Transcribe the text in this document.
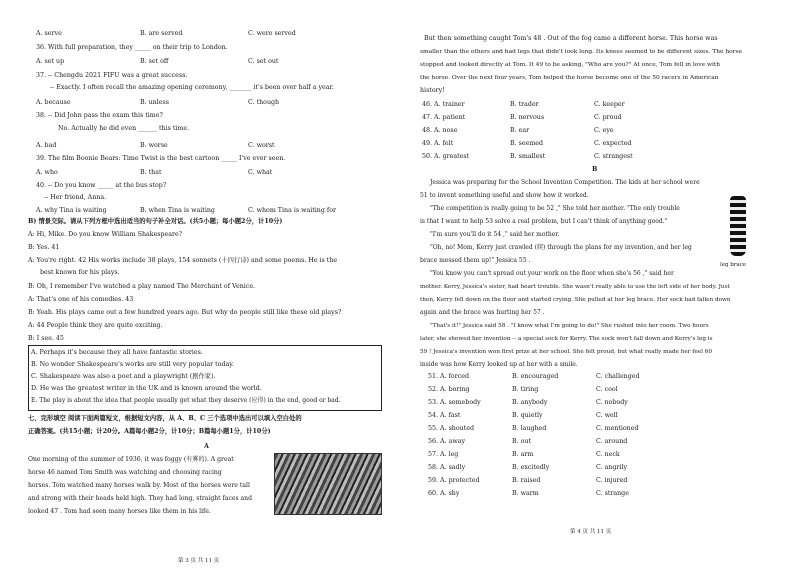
A. serve	B. are served	C. were served
36. With full preparation, they _____ on their trip to London.
A. set up	B. set off	C. set out
37. -- Chengdu 2021 FIFU was a great success.
-- Exactly. I often recall the amazing opening ceremony, _______ it's been over half a year.
A. because	B. unless	C. though
38. -- Did John pass the exam this time?
No. Actually he did even ______ this time.
A. bad	B. worse	C. worst
39. The film Boonie Bears: Time Twist is the best cartoon _____ I've ever seen.
A. who	B. that	C. what
40. -- Do you know _____ at the bus stop?
-- Her friend, Anna.
A. why Tina is waiting	B. when Tina is waiting	C. whom Tina is waiting for
B) 情景交际。请从下列方框中选出适当的句子补全对话。(共5小题；每小题2分，计10分)
A: Hi, Mike. Do you know William Shakespeare?
B: Yes. 41
A: You're right. 42 His works include 38 plays, 154 sonnets (十四行诗) and some poems. He is the
best known for his plays.
B: Oh, I remember I've watched a play named The Merchant of Venice.
A: That's one of his comedies. 43
B: Yeah. His plays came out a few hundred years ago. But why do people still like these old plays?
A: 44 People think they are quite exciting.
B: I see. 45
A. Perhaps it's because they all have fantastic stories.
B. No wonder Shakespeare's works are still very popular today.
C. Shakespeare was also a poet and a playwright (剧作家).
D. He was the greatest writer in the UK and is known around the world.
E. The play is about the idea that people usually get what they deserve (应得) in the end, good or bad.
七、完形填空 阅读下面两篇短文，根据短文内容，从 A、B、C 三个选项中选出可以填入空白处的
正确答案。(共15小题；计20分。A篇每小题2分，计10分；B篇每小题1分，计10分)
A
One morning of the summer of 1936, it was foggy (有雾的). A great
horse 46 named Tom Smith was watching and choosing racing
horses. Tom watched many horses walk by. Most of the horses were tall
and strong with their heads held high. They had long, straight faces and
looked 47 . Tom had seen many horses like them in his life.
第 3 页 共 11 页
But then something caught Tom's 48 . Out of the fog came a different horse. This horse was
smaller than the others and had legs that didn't look long. Its knees seemed to be different sizes. The horse
stopped and looked directly at Tom. It 49 to be asking, "Who are you?" At once, Tom fell in love with
the horse. Over the next four years, Tom helped the horse become one of the 50 racers in American
history!
46. A. trainer	B. trader	C. keeper
47. A. patient	B. nervous	C. proud
48. A. nose	B. ear	C. eye
49. A. felt	B. seemed	C. expected
50. A. greatest	B. smallest	C. strangest
B
Jessica was preparing for the School Invention Competition. The kids at her school were
51 to invent something useful and show how it worked.
"The competition is really going to be 52 ," She told her mother. "The only trouble
is that I want to help 53 solve a real problem, but I can't think of anything good."
"I'm sure you'll do it 54 ," said her mother.
"Oh, no! Mom, Kerry just crawled (爬) through the plans for my invention, and her leg
brace messed them up!" Jessica 55 .
"You know you can't spread out your work on the floor when she's 56 ," said her
mother. Kerry, Jessica's sister, had heart trouble. She wasn't really able to use the left side of her body. Just
then, Kerry fell down on the floor and started crying. She pulled at her leg brace. Her sock had fallen down
again and the brace was hurting her 57 .
"That's it!" Jessica said 58 . "I know what I'm going to do!" She rushed into her room. Two hours
later, she showed her invention -- a special sock for Kerry. The sock won't fall down and Kerry's leg is
59 ! Jessica's invention won first prize at her school. She felt proud, but what really made her feel 60
inside was how Kerry looked up at her with a smile.
leg brace
51. A. forced	B. encouraged	C. challenged
52. A. boring	B. tiring	C. cool
53. A. somebody	B. anybody	C. nobody
54. A. fast	B. quietly	C. well
55. A. shouted	B. laughed	C. mentioned
56. A. away	B. out	C. around
57. A. leg	B. arm	C. neck
58. A. sadly	B. excitedly	C. angrily
59. A. protected	B. raised	C. injured
60. A. shy	B. warm	C. strange
第 4 页 共 11 页
